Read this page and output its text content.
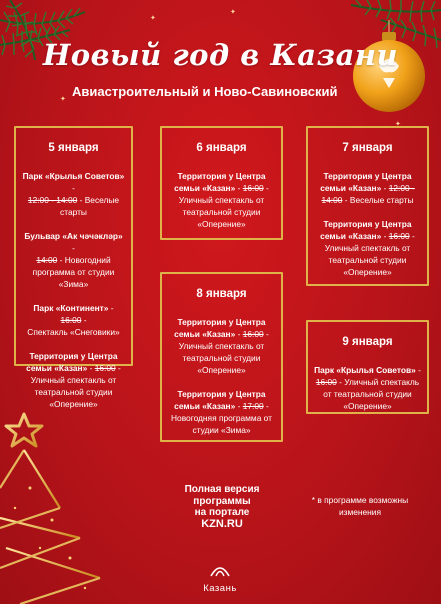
Новый год в Казани
Авиастроительный и Ново-Савиновский
5 января
Парк «Крылья Советов» -
12:00 - 14:00 - Веселые старты
Бульвар «Ак чәчәкләр» -
14:00 - Новогодний программа от студии «Зима»
Парк «Континент» - 16:00 -
Спектакль «Снеговики»
Территория у Центра семьи «Казан» - 16:00 -
Уличный спектакль от театральной студии «Оперение»
6 января
Территория у Центра семьи «Казан» - 16:00 -
Уличный спектакль от театральной студии «Оперение»
7 января
Территория у Центра семьи «Казан» - 12:00 - 14:00 - Веселые старты
Территория у Центра семьи «Казан» - 16:00 -
Уличный спектакль от театральной студии «Оперение»
8 января
Территория у Центра семьи «Казан» - 16:00 -
Уличный спектакль от театральной студии «Оперение»
Территория у Центра семьи «Казан» - 17:00 -
Новогодняя программа от студии «Зима»
9 января
Парк «Крылья Советов» -
16:00 - Уличный спектакль от театральной студии «Оперение»
Полная версия
программы
на портале
KZN.RU
* в программе возможны изменения
Казань
✦
✦
✦
✦
